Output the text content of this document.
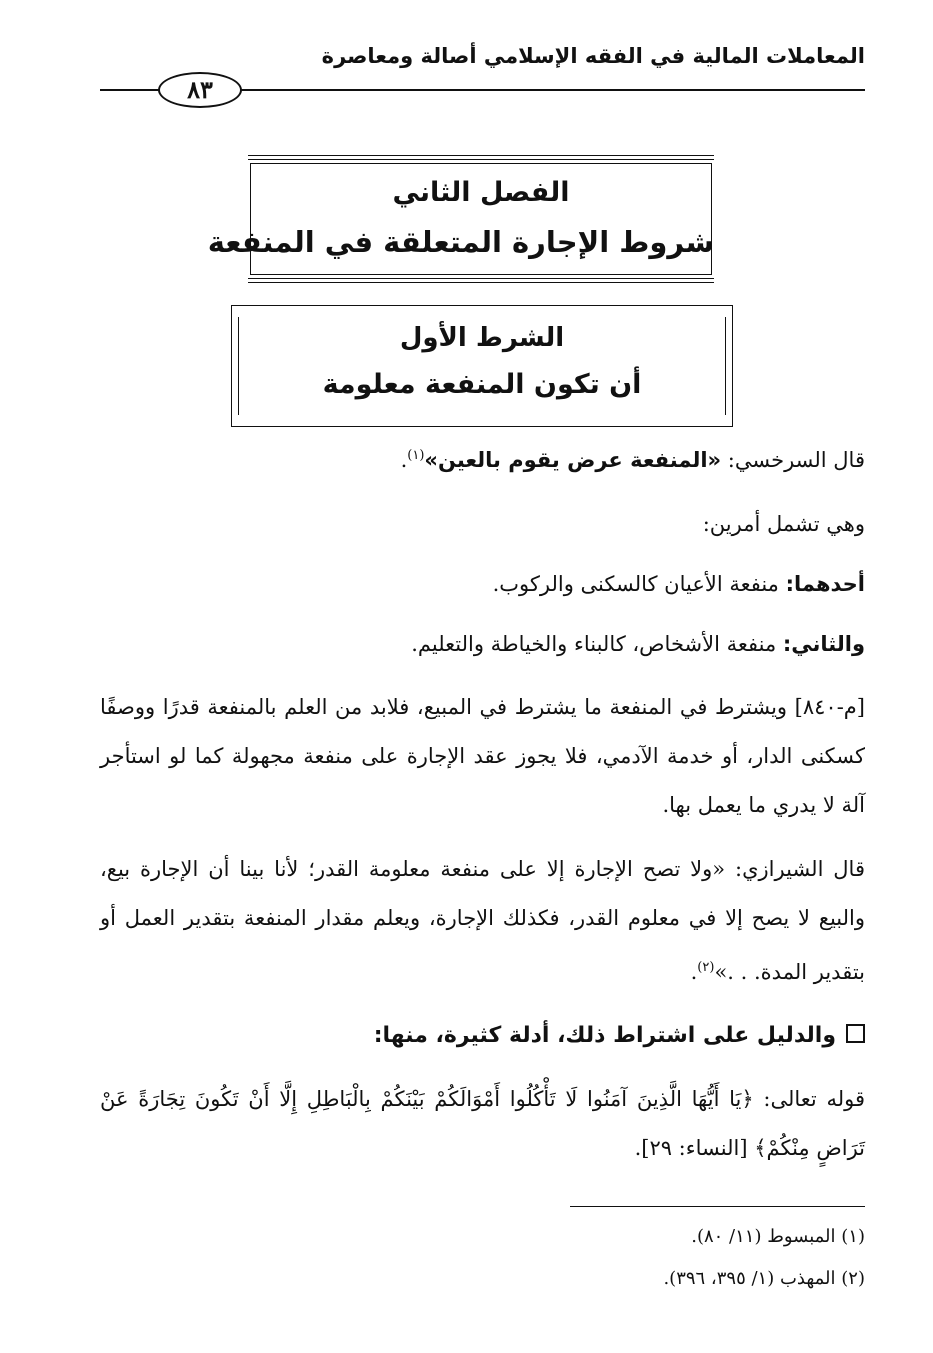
المعاملات المالية في الفقه الإسلامي أصالة ومعاصرة
٨٣
الفصل الثاني
شروط الإجارة المتعلقة في المنفعة
الشرط الأول
أن تكون المنفعة معلومة
قال السرخسي: «المنفعة عرض يقوم بالعين»$^{(١)}$.
وهي تشمل أمرين:
أحدهما: منفعة الأعيان كالسكنى والركوب.
والثاني: منفعة الأشخاص، كالبناء والخياطة والتعليم.
[م-٨٤٠] ويشترط في المنفعة ما يشترط في المبيع، فلابد من العلم بالمنفعة قدرًا ووصفًا كسكنى الدار، أو خدمة الآدمي، فلا يجوز عقد الإجارة على منفعة مجهولة كما لو استأجر آلة لا يدري ما يعمل بها.
قال الشيرازي: «ولا تصح الإجارة إلا على منفعة معلومة القدر؛ لأنا بينا أن الإجارة بيع، والبيع لا يصح إلا في معلوم القدر، فكذلك الإجارة، ويعلم مقدار المنفعة بتقدير العمل أو بتقدير المدة. . .»$^{(٢)}$.
والدليل على اشتراط ذلك، أدلة كثيرة، منها:
قوله تعالى: ﴿يَا أَيُّهَا الَّذِينَ آمَنُوا لَا تَأْكُلُوا أَمْوَالَكُمْ بَيْنَكُمْ بِالْبَاطِلِ إِلَّا أَنْ تَكُونَ تِجَارَةً عَنْ تَرَاضٍ مِنْكُمْ﴾ [النساء: ٢٩].
(١) المبسوط (١١/ ٨٠).
(٢) المهذب (١/ ٣٩٥، ٣٩٦).
